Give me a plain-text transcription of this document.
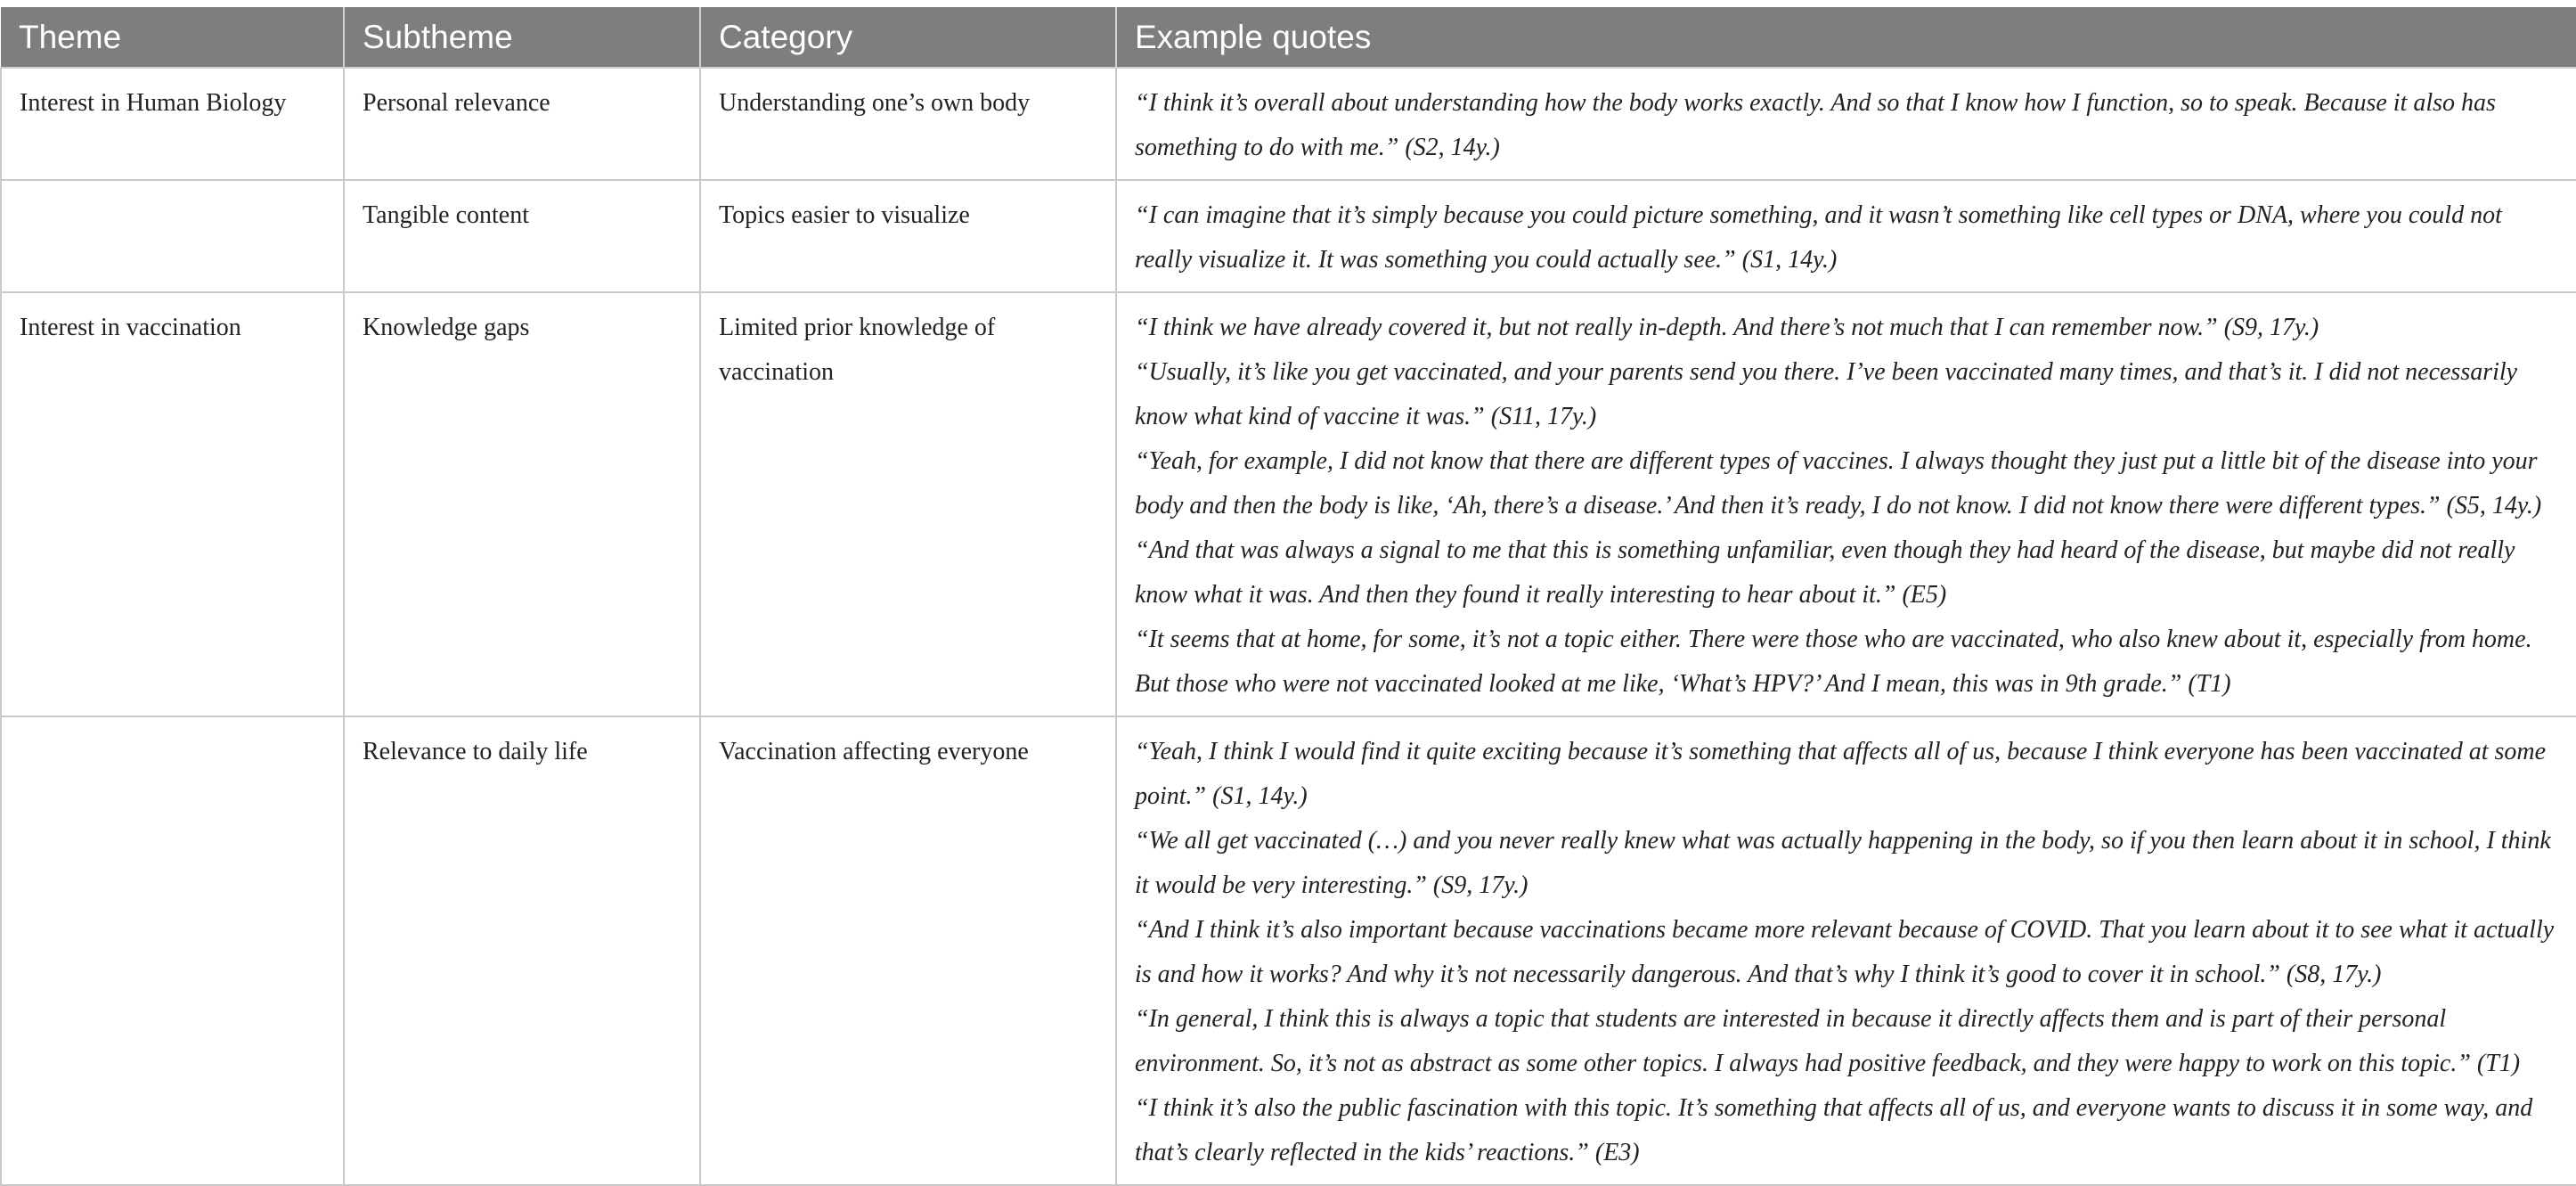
Theme	Subtheme	Category	Example quotes
Interest in Human Biology	Personal relevance	Understanding one’s own body	“I think it’s overall about understanding how the body works exactly. And so that I know how I function, so to speak. Because it also has something to do with me.” (S2, 14y.)

	Tangible content	Topics easier to visualize	“I can imagine that it’s simply because you could picture something, and it wasn’t something like cell types or DNA, where you could not really visualize it. It was something you could actually see.” (S1, 14y.)

Interest in vaccination	Knowledge gaps	Limited prior knowledge of vaccination	“I think we have already covered it, but not really in-depth. And there’s not much that I can remember now.” (S9, 17y.)
“Usually, it’s like you get vaccinated, and your parents send you there. I’ve been vaccinated many times, and that’s it. I did not necessarily know what kind of vaccine it was.” (S11, 17y.)
“Yeah, for example, I did not know that there are different types of vaccines. I always thought they just put a little bit of the disease into your body and then the body is like, ‘Ah, there’s a disease.’ And then it’s ready, I do not know. I did not know there were different types.” (S5, 14y.)
“And that was always a signal to me that this is something unfamiliar, even though they had heard of the disease, but maybe did not really know what it was. And then they found it really interesting to hear about it.” (E5)
“It seems that at home, for some, it’s not a topic either. There were those who are vaccinated, who also knew about it, especially from home. But those who were not vaccinated looked at me like, ‘What’s HPV?’ And I mean, this was in 9th grade.” (T1)

	Relevance to daily life	Vaccination affecting everyone	“Yeah, I think I would find it quite exciting because it’s something that affects all of us, because I think everyone has been vaccinated at some point.” (S1, 14y.)
“We all get vaccinated (…) and you never really knew what was actually happening in the body, so if you then learn about it in school, I think it would be very interesting.” (S9, 17y.)
“And I think it’s also important because vaccinations became more relevant because of COVID. That you learn about it to see what it actually is and how it works? And why it’s not necessarily dangerous. And that’s why I think it’s good to cover it in school.” (S8, 17y.)
“In general, I think this is always a topic that students are interested in because it directly affects them and is part of their personal environment. So, it’s not as abstract as some other topics. I always had positive feedback, and they were happy to work on this topic.” (T1)
“I think it’s also the public fascination with this topic. It’s something that affects all of us, and everyone wants to discuss it in some way, and that’s clearly reflected in the kids’ reactions.” (E3)
